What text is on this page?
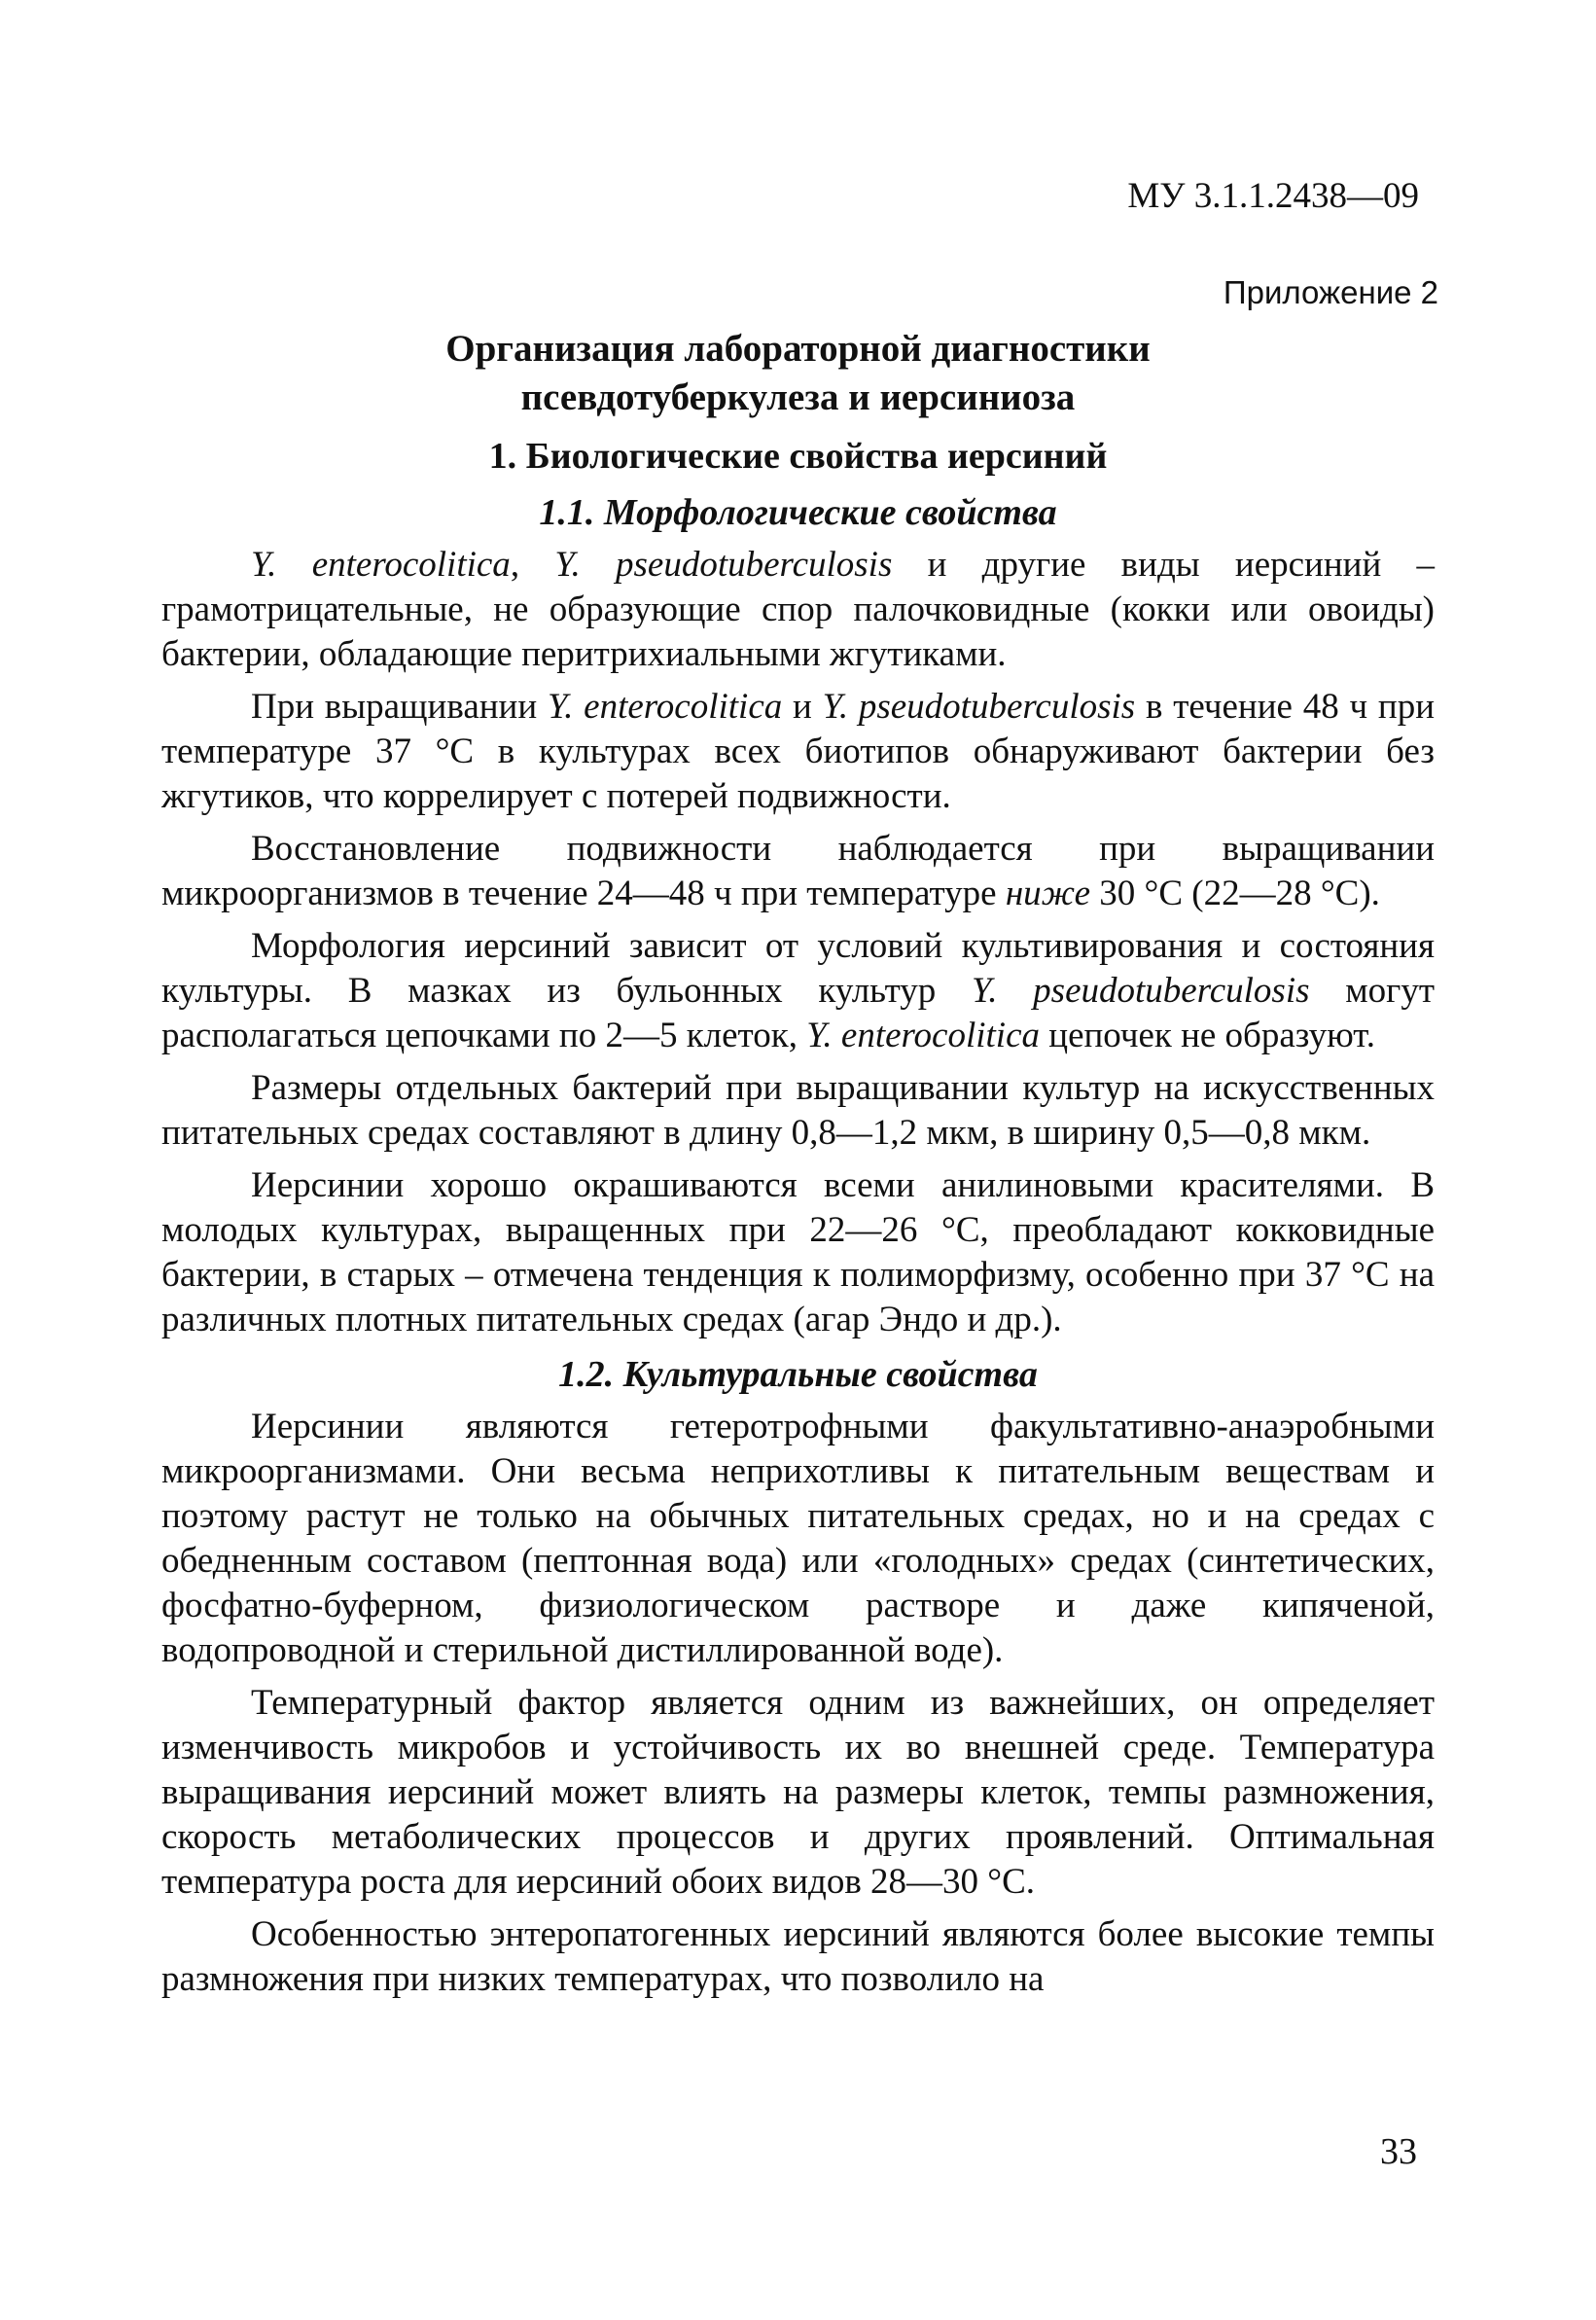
МУ 3.1.1.2438—09
Приложение 2
Организация лабораторной диагностики
псевдотуберкулеза и иерсиниоза
1. Биологические свойства иерсиний
1.1. Морфологические свойства

Y. enterocolitica, Y. pseudotuberculosis и другие виды иерсиний – грамотрицательные, не образующие спор палочковидные (кокки или овоиды) бактерии, обладающие перитрихиальными жгутиками.

При выращивании Y. enterocolitica и Y. pseudotuberculosis в течение 48 ч при температуре 37 °С в культурах всех биотипов обнаруживают бактерии без жгутиков, что коррелирует с потерей подвижности.

Восстановление подвижности наблюдается при выращивании микроорганизмов в течение 24—48 ч при температуре ниже 30 °С (22—28 °С).

Морфология иерсиний зависит от условий культивирования и состояния культуры. В мазках из бульонных культур Y. pseudotuberculosis могут располагаться цепочками по 2—5 клеток, Y. enterocolitica цепочек не образуют.

Размеры отдельных бактерий при выращивании культур на искусственных питательных средах составляют в длину 0,8—1,2 мкм, в ширину 0,5—0,8 мкм.

Иерсинии хорошо окрашиваются всеми анилиновыми красителями. В молодых культурах, выращенных при 22—26 °С, преобладают кокковидные бактерии, в старых – отмечена тенденция к полиморфизму, особенно при 37 °С на различных плотных питательных средах (агар Эндо и др.).

1.2. Культуральные свойства

Иерсинии являются гетеротрофными факультативно-анаэробными микроорганизмами. Они весьма неприхотливы к питательным веществам и поэтому растут не только на обычных питательных средах, но и на средах с обедненным составом (пептонная вода) или «голодных» средах (синтетических, фосфатно-буферном, физиологическом растворе и даже кипяченой, водопроводной и стерильной дистиллированной воде).

Температурный фактор является одним из важнейших, он определяет изменчивость микробов и устойчивость их во внешней среде. Температура выращивания иерсиний может влиять на размеры клеток, темпы размножения, скорость метаболических процессов и других проявлений. Оптимальная температура роста для иерсиний обоих видов 28—30 °С.

Особенностью энтеропатогенных иерсиний являются более высокие темпы размножения при низких температурах, что позволило на

33
